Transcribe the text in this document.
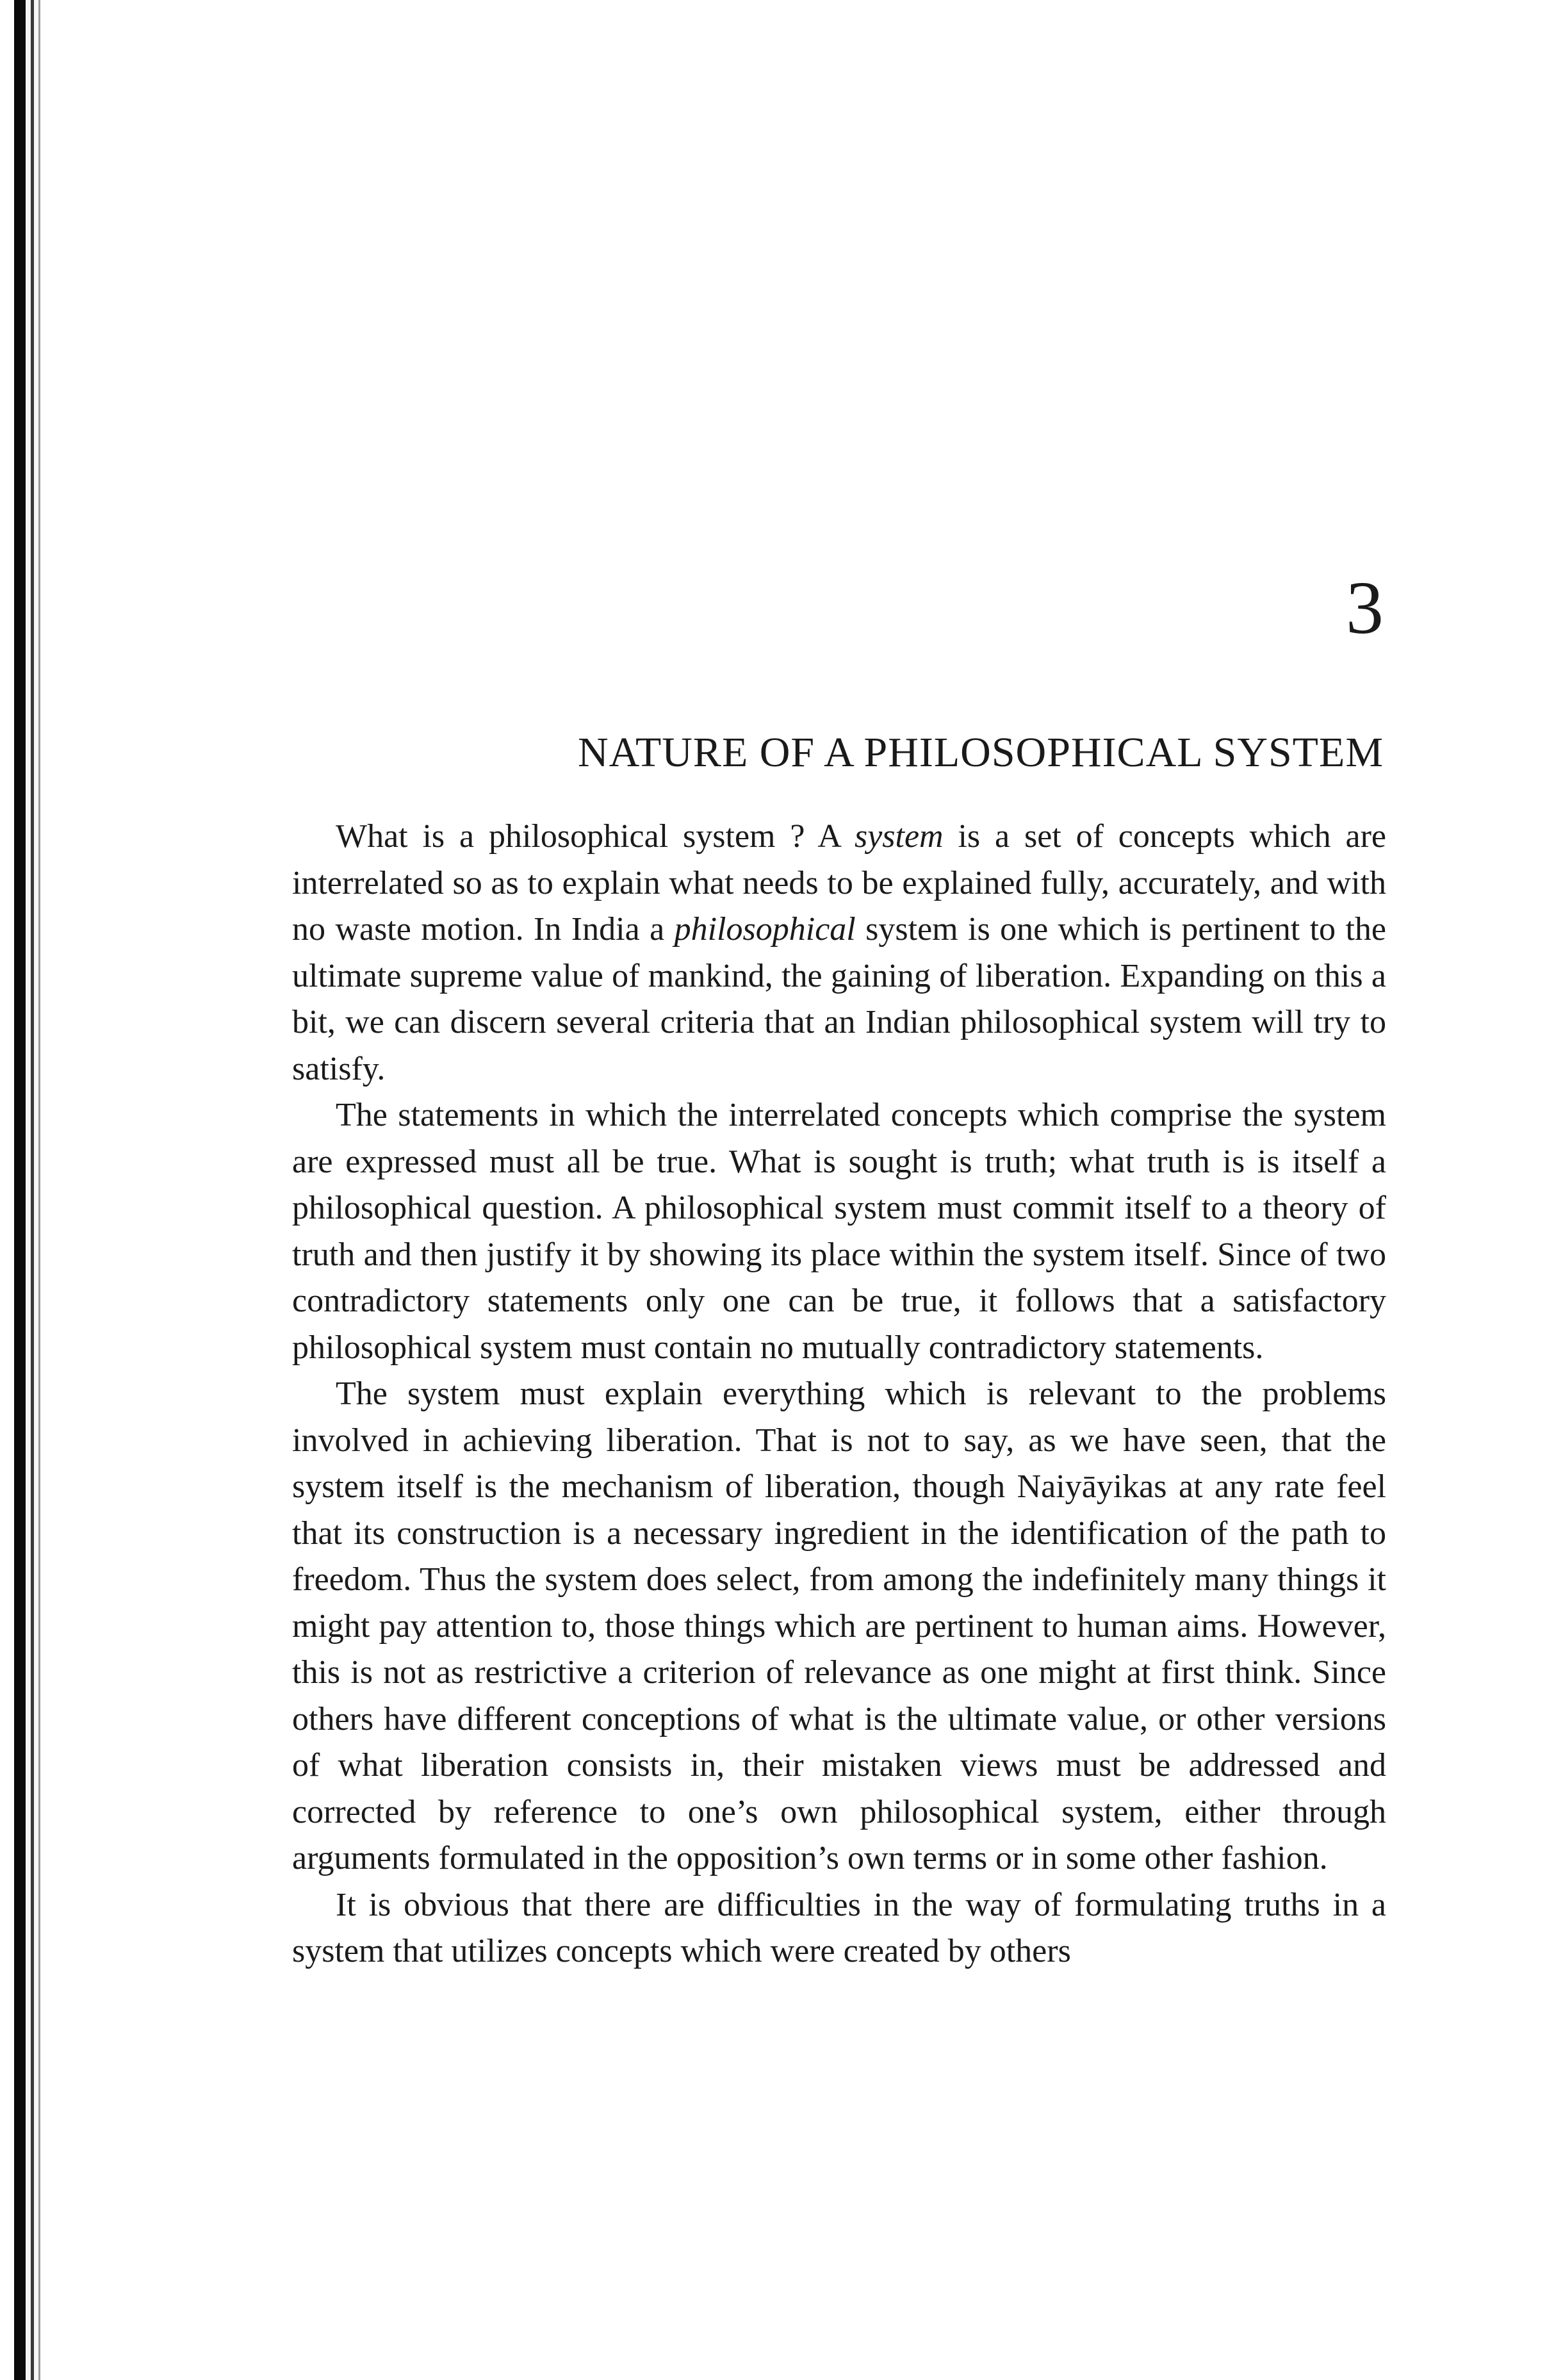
3
NATURE OF A PHILOSOPHICAL SYSTEM

What is a philosophical system ? A system is a set of concepts which are interrelated so as to explain what needs to be explained fully, accurately, and with no waste motion. In India a philosophical system is one which is pertinent to the ultimate supreme value of mankind, the gaining of liberation. Expanding on this a bit, we can discern several criteria that an Indian philosophical system will try to satisfy.

The statements in which the interrelated concepts which comprise the system are expressed must all be true. What is sought is truth; what truth is is itself a philosophical question. A philosophical system must commit itself to a theory of truth and then justify it by showing its place within the system itself. Since of two contradictory statements only one can be true, it follows that a satisfactory philosophical system must contain no mutually contradictory statements.

The system must explain everything which is relevant to the problems involved in achieving liberation. That is not to say, as we have seen, that the system itself is the mechanism of liberation, though Naiyāyikas at any rate feel that its construction is a necessary ingredient in the identification of the path to freedom. Thus the system does select, from among the indefinitely many things it might pay attention to, those things which are pertinent to human aims. However, this is not as restrictive a criterion of relevance as one might at first think. Since others have different conceptions of what is the ultimate value, or other versions of what liberation consists in, their mistaken views must be addressed and corrected by reference to one’s own philosophical system, either through arguments formulated in the opposition’s own terms or in some other fashion.

It is obvious that there are difficulties in the way of formulating truths in a system that utilizes concepts which were created by others
